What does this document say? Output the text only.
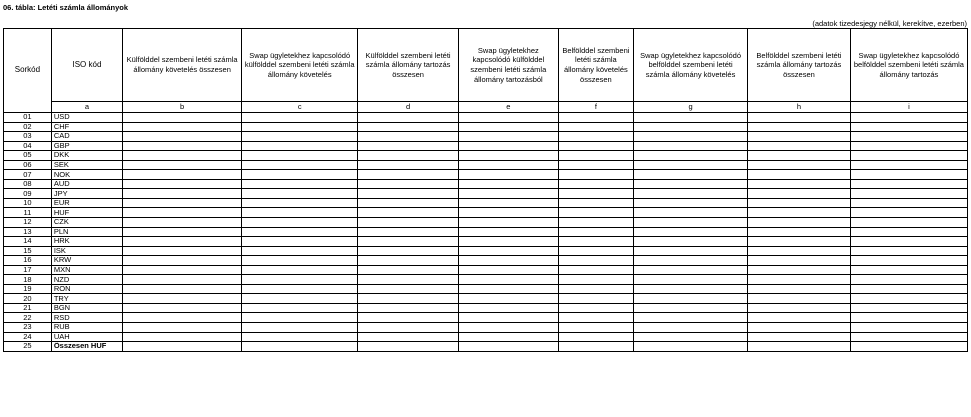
06. tábla: Letéti számla állományok
(adatok tizedesjegy nélkül, kerekítve, ezerben)
Sorkód	ISO kód	Külfölddel szembeni letéti számla állomány követelés összesen	Swap ügyletekhez kapcsolódó külfölddel szembeni letéti számla állomány követelés	Külfölddel szembeni letéti számla állomány tartozás összesen	Swap ügyletekhez kapcsolódó külfölddel szembeni letéti számla állomány tartozásból	Belfölddel szembeni letéti számla állomány követelés összesen	Swap ügyletekhez kapcsolódó belfölddel szembeni letéti számla állomány követelés	Belfölddel szembeni letéti számla állomány tartozás összesen	Swap ügyletekhez kapcsolódó belfölddel szembeni letéti számla állomány tartozás
	a	b	c	d	e	f	g	h	i
01	USD								
02	CHF								
03	CAD								
04	GBP								
05	DKK								
06	SEK								
07	NOK								
08	AUD								
09	JPY								
10	EUR								
11	HUF								
12	CZK								
13	PLN								
14	HRK								
15	ISK								
16	KRW								
17	MXN								
18	NZD								
19	RON								
20	TRY								
21	BGN								
22	RSD								
23	RUB								
24	UAH								
25	Összesen HUF								
